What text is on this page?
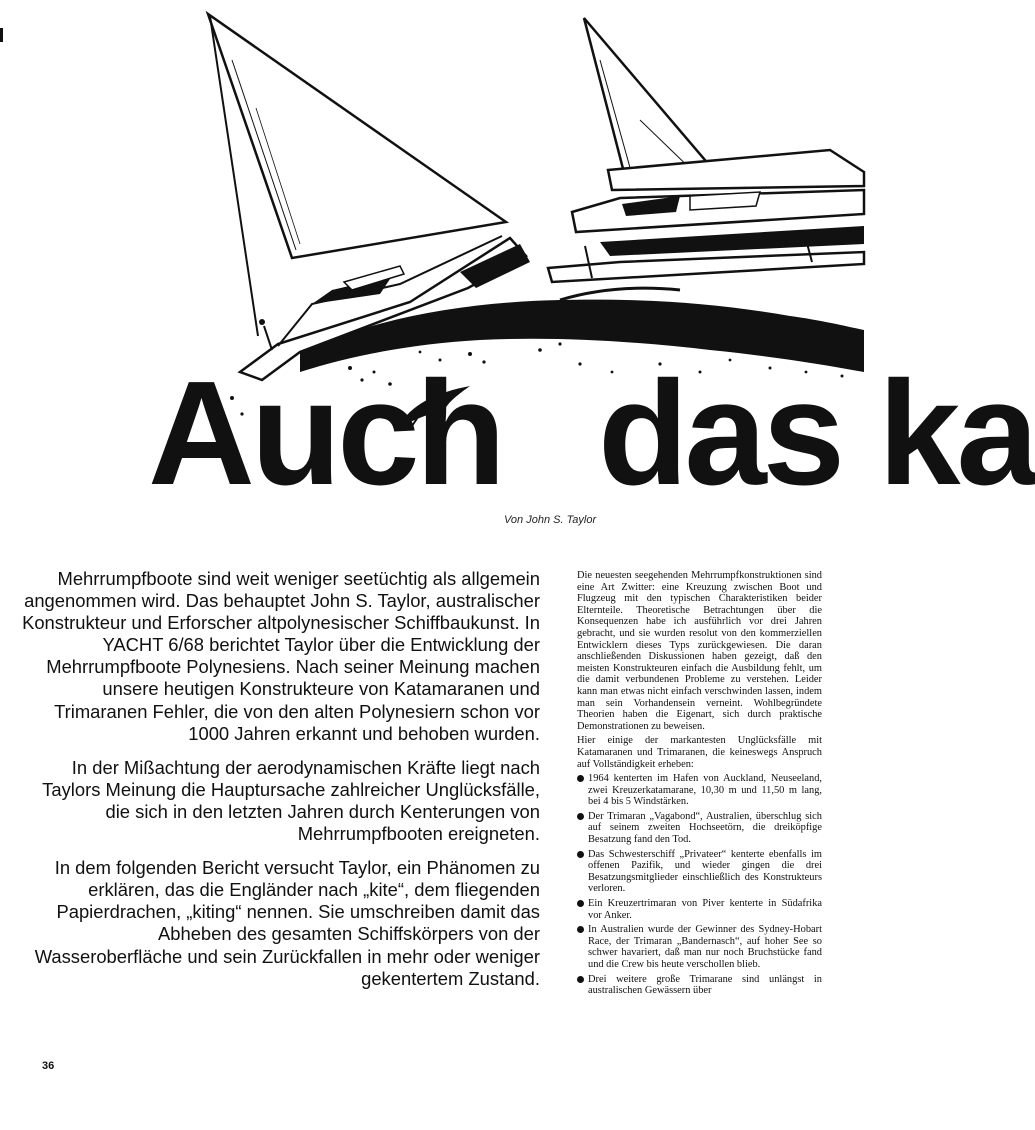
Auch das ka
Von John S. Taylor

Mehrrumpfboote sind weit weniger seetüchtig als allgemein angenommen wird. Das behauptet John S. Taylor, australischer Konstrukteur und Erforscher altpolynesischer Schiffbaukunst. In YACHT 6/68 berichtet Taylor über die Entwicklung der Mehrrumpfboote Polynesiens. Nach seiner Meinung machen unsere heutigen Konstrukteure von Katamaranen und Trimaranen Fehler, die von den alten Polynesiern schon vor 1000 Jahren erkannt und behoben wurden.

In der Mißachtung der aerodynamischen Kräfte liegt nach Taylors Meinung die Hauptursache zahlreicher Unglücksfälle, die sich in den letzten Jahren durch Kenterungen von Mehrrumpfbooten ereigneten.

In dem folgenden Bericht versucht Taylor, ein Phänomen zu erklären, das die Engländer nach „kite“, dem fliegenden Papierdrachen, „kiting“ nennen. Sie umschreiben damit das Abheben des gesamten Schiffskörpers von der Wasseroberfläche und sein Zurückfallen in mehr oder weniger gekentertem Zustand.

Die neuesten seegehenden Mehrrumpfkonstruktionen sind eine Art Zwitter: eine Kreuzung zwischen Boot und Flugzeug mit den typischen Charakteristiken beider Elternteile. Theoretische Betrachtungen über die Konsequenzen habe ich ausführlich vor drei Jahren gebracht, und sie wurden resolut von den kommerziellen Entwicklern dieses Typs zurückgewiesen. Die daran anschließenden Diskussionen haben gezeigt, daß den meisten Konstrukteuren einfach die Ausbildung fehlt, um die damit verbundenen Probleme zu verstehen. Leider kann man etwas nicht einfach verschwinden lassen, indem man sein Vorhandensein verneint. Wohlbegründete Theorien haben die Eigenart, sich durch praktische Demonstrationen zu beweisen.

Hier einige der markantesten Unglücksfälle mit Katamaranen und Trimaranen, die keineswegs Anspruch auf Vollständigkeit erheben:

1964 kenterten im Hafen von Auckland, Neuseeland, zwei Kreuzerkatamarane, 10,30 m und 11,50 m lang, bei 4 bis 5 Windstärken.
Der Trimaran „Vagabond“, Australien, überschlug sich auf seinem zweiten Hochseetörn, die dreiköpfige Besatzung fand den Tod.
Das Schwesterschiff „Privateer“ kenterte ebenfalls im offenen Pazifik, und wieder gingen die drei Besatzungsmitglieder einschließlich des Konstrukteurs verloren.
Ein Kreuzertrimaran von Piver kenterte in Südafrika vor Anker.
In Australien wurde der Gewinner des Sydney-Hobart Race, der Trimaran „Bandernasch“, auf hoher See so schwer havariert, daß man nur noch Bruchstücke fand und die Crew bis heute verschollen blieb.
Drei weitere große Trimarane sind unlängst in australischen Gewässern über
36
